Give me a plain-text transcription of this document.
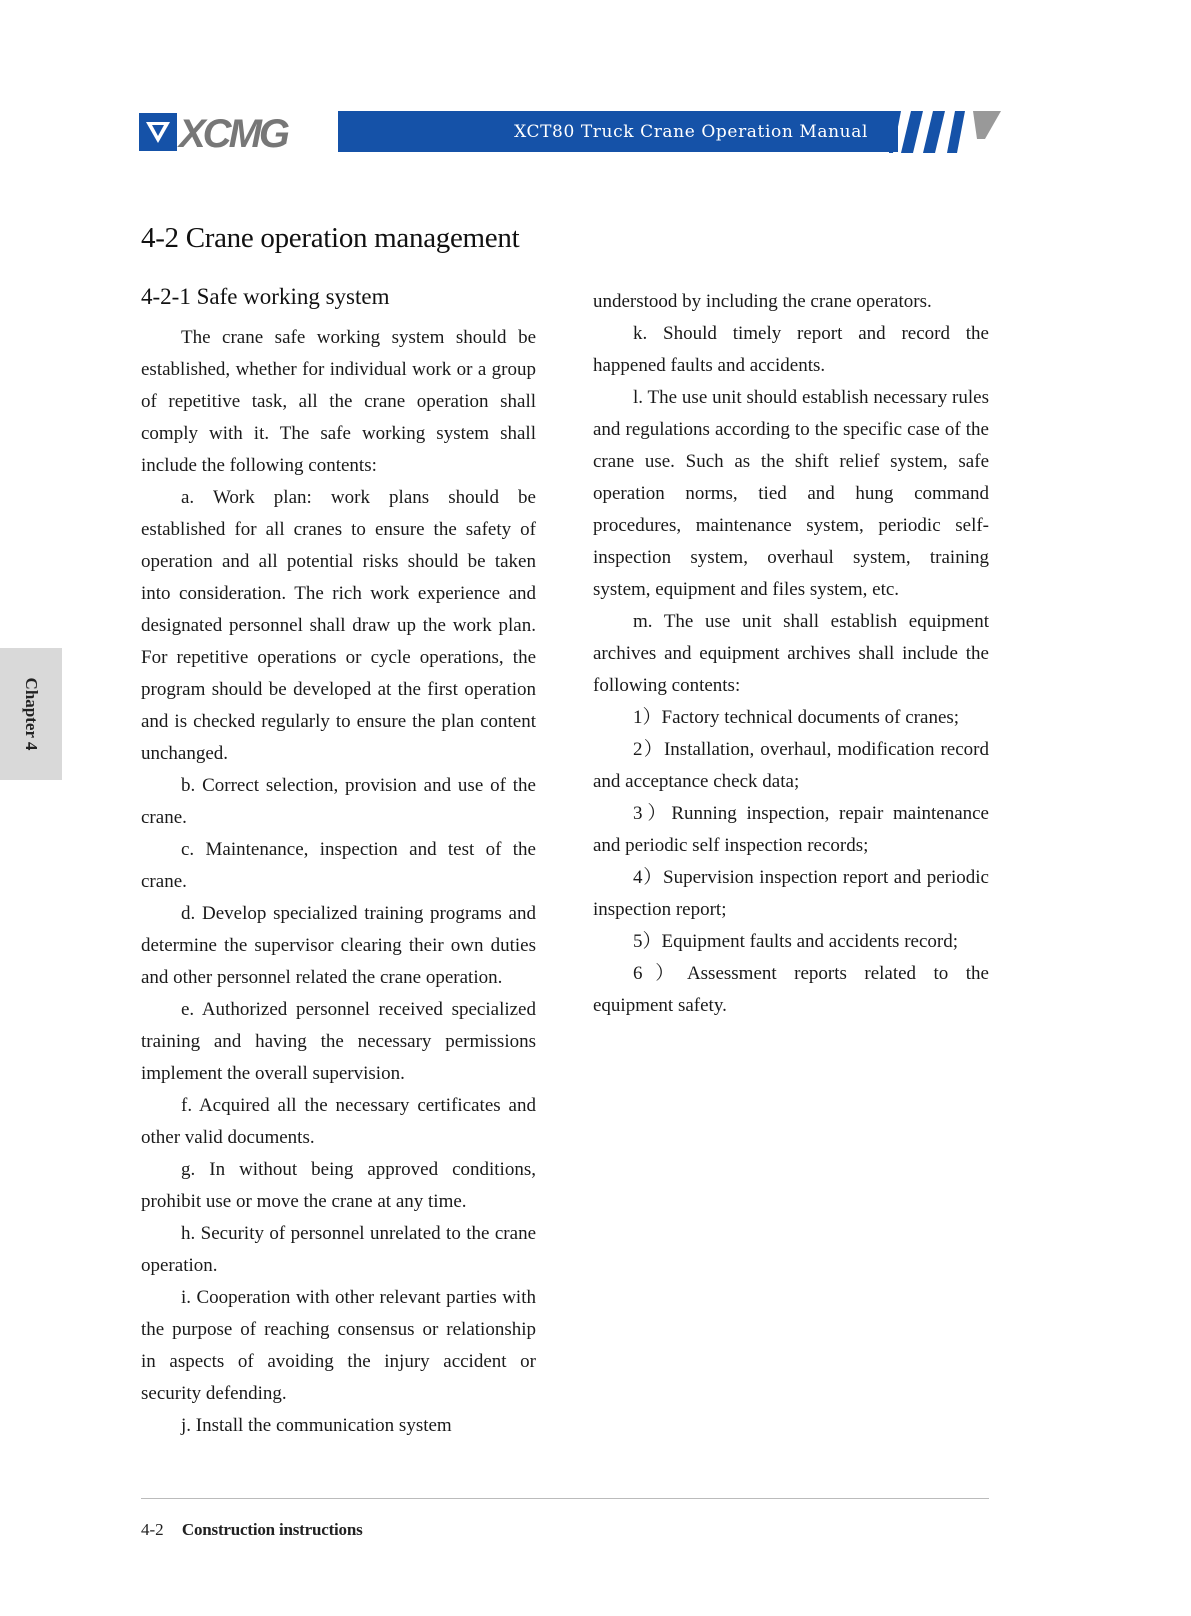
XCMG	XCT80 Truck Crane Operation Manual
Chapter 4
4-2 Crane operation management
4-2-1 Safe working system

The crane safe working system should be established, whether for individual work or a group of repetitive task, all the crane operation shall comply with it. The safe working system shall include the following contents:

a. Work plan: work plans should be established for all cranes to ensure the safety of operation and all potential risks should be taken into consideration. The rich work experience and designated personnel shall draw up the work plan. For repetitive operations or cycle operations, the program should be developed at the first operation and is checked regularly to ensure the plan content unchanged.

b. Correct selection, provision and use of the crane.

c. Maintenance, inspection and test of the crane.

d. Develop specialized training programs and determine the supervisor clearing their own duties and other personnel related the crane operation.

e. Authorized personnel received specialized training and having the necessary permissions implement the overall supervision.

f. Acquired all the necessary certificates and other valid documents.

g. In without being approved conditions, prohibit use or move the crane at any time.

h. Security of personnel unrelated to the crane operation.

i. Cooperation with other relevant parties with the purpose of reaching consensus or relationship in aspects of avoiding the injury accident or security defending.

j. Install the communication system

understood by including the crane operators.

k. Should timely report and record the happened faults and accidents.

l. The use unit should establish necessary rules and regulations according to the specific case of the crane use. Such as the shift relief system, safe operation norms, tied and hung command procedures, maintenance system, periodic self-inspection system, overhaul system, training system, equipment and files system, etc.

m. The use unit shall establish equipment archives and equipment archives shall include the following contents:

1）Factory technical documents of cranes;

2）Installation, overhaul, modification record and acceptance check data;

3）Running inspection, repair maintenance and periodic self inspection records;

4）Supervision inspection report and periodic inspection report;

5）Equipment faults and accidents record;

6）Assessment reports related to the equipment safety.

4-2 Construction instructions
